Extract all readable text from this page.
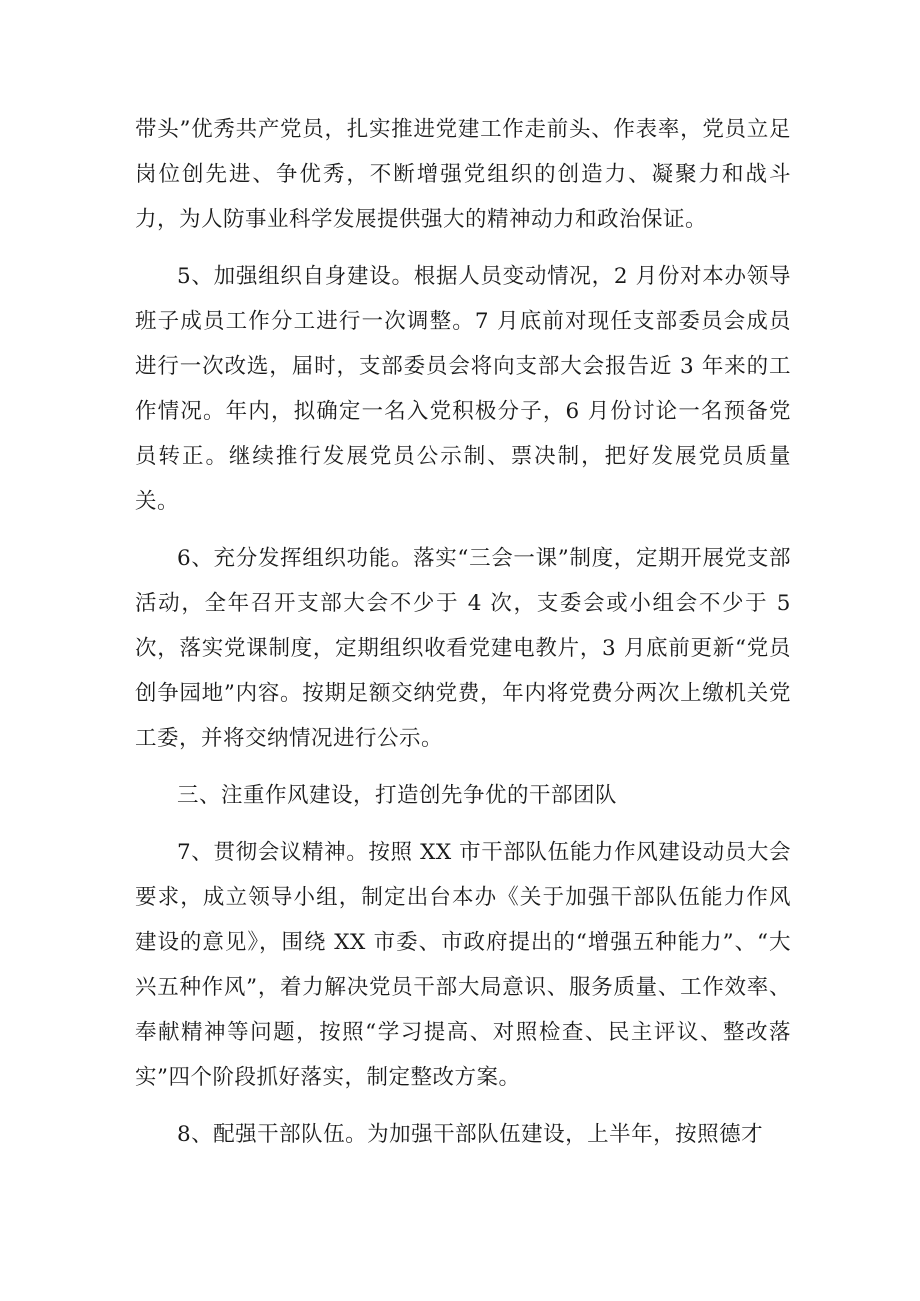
带头”优秀共产党员，扎实推进党建工作走前头、作表率，党员立足岗位创先进、争优秀，不断增强党组织的创造力、凝聚力和战斗力，为人防事业科学发展提供强大的精神动力和政治保证。

5、加强组织自身建设。根据人员变动情况，2 月份对本办领导班子成员工作分工进行一次调整。7 月底前对现任支部委员会成员进行一次改选，届时，支部委员会将向支部大会报告近 3 年来的工作情况。年内，拟确定一名入党积极分子，6 月份讨论一名预备党员转正。继续推行发展党员公示制、票决制，把好发展党员质量关。

6、充分发挥组织功能。落实“三会一课”制度，定期开展党支部活动，全年召开支部大会不少于 4 次，支委会或小组会不少于 5 次，落实党课制度，定期组织收看党建电教片，3 月底前更新“党员创争园地”内容。按期足额交纳党费，年内将党费分两次上缴机关党工委，并将交纳情况进行公示。

三、注重作风建设，打造创先争优的干部团队

7、贯彻会议精神。按照 XX 市干部队伍能力作风建设动员大会要求，成立领导小组，制定出台本办《关于加强干部队伍能力作风建设的意见》，围绕 XX 市委、市政府提出的“增强五种能力”、“大兴五种作风”，着力解决党员干部大局意识、服务质量、工作效率、奉献精神等问题，按照“学习提高、对照检查、民主评议、整改落实”四个阶段抓好落实，制定整改方案。

8、配强干部队伍。为加强干部队伍建设，上半年，按照德才
